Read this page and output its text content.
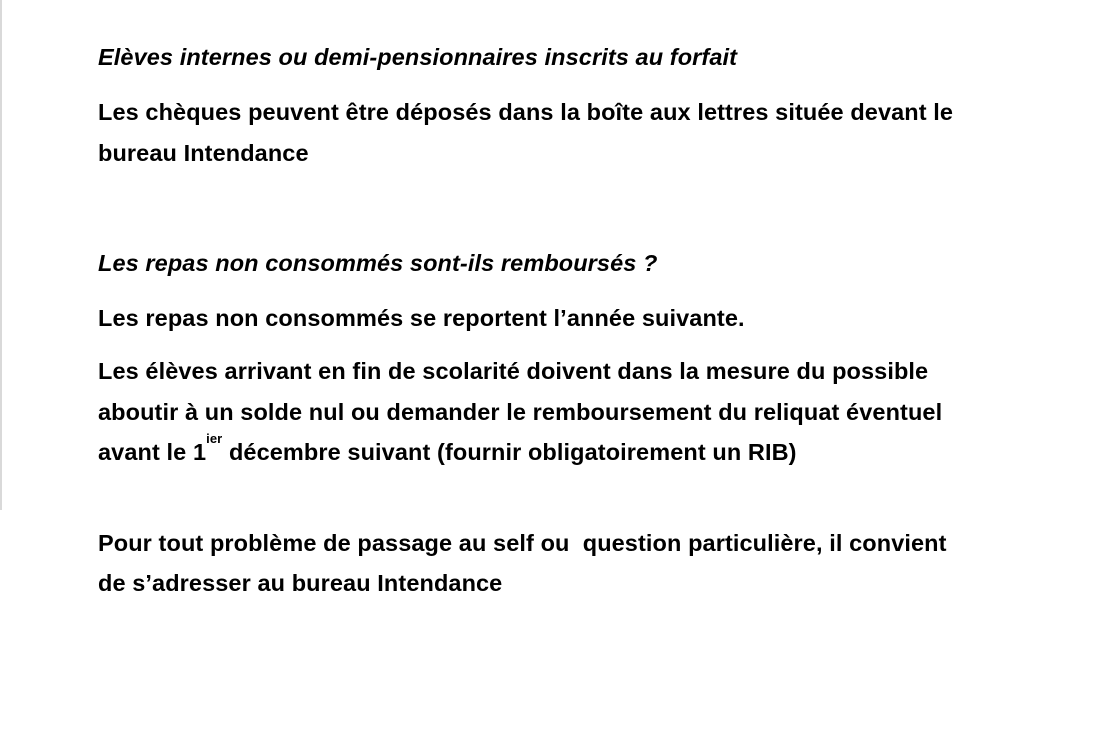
Elèves internes ou demi-pensionnaires inscrits au forfait
Les chèques peuvent être déposés dans la boîte aux lettres située devant le
bureau Intendance
Les repas non consommés sont-ils remboursés ?
Les repas non consommés se reportent l’année suivante.
Les élèves arrivant en fin de scolarité doivent dans la mesure du possible
aboutir à un solde nul ou demander le remboursement du reliquat éventuel
avant le $1^{ier}$ décembre suivant (fournir obligatoirement un RIB)
Pour tout problème de passage au self ou  question particulière, il convient
de s’adresser au bureau Intendance
